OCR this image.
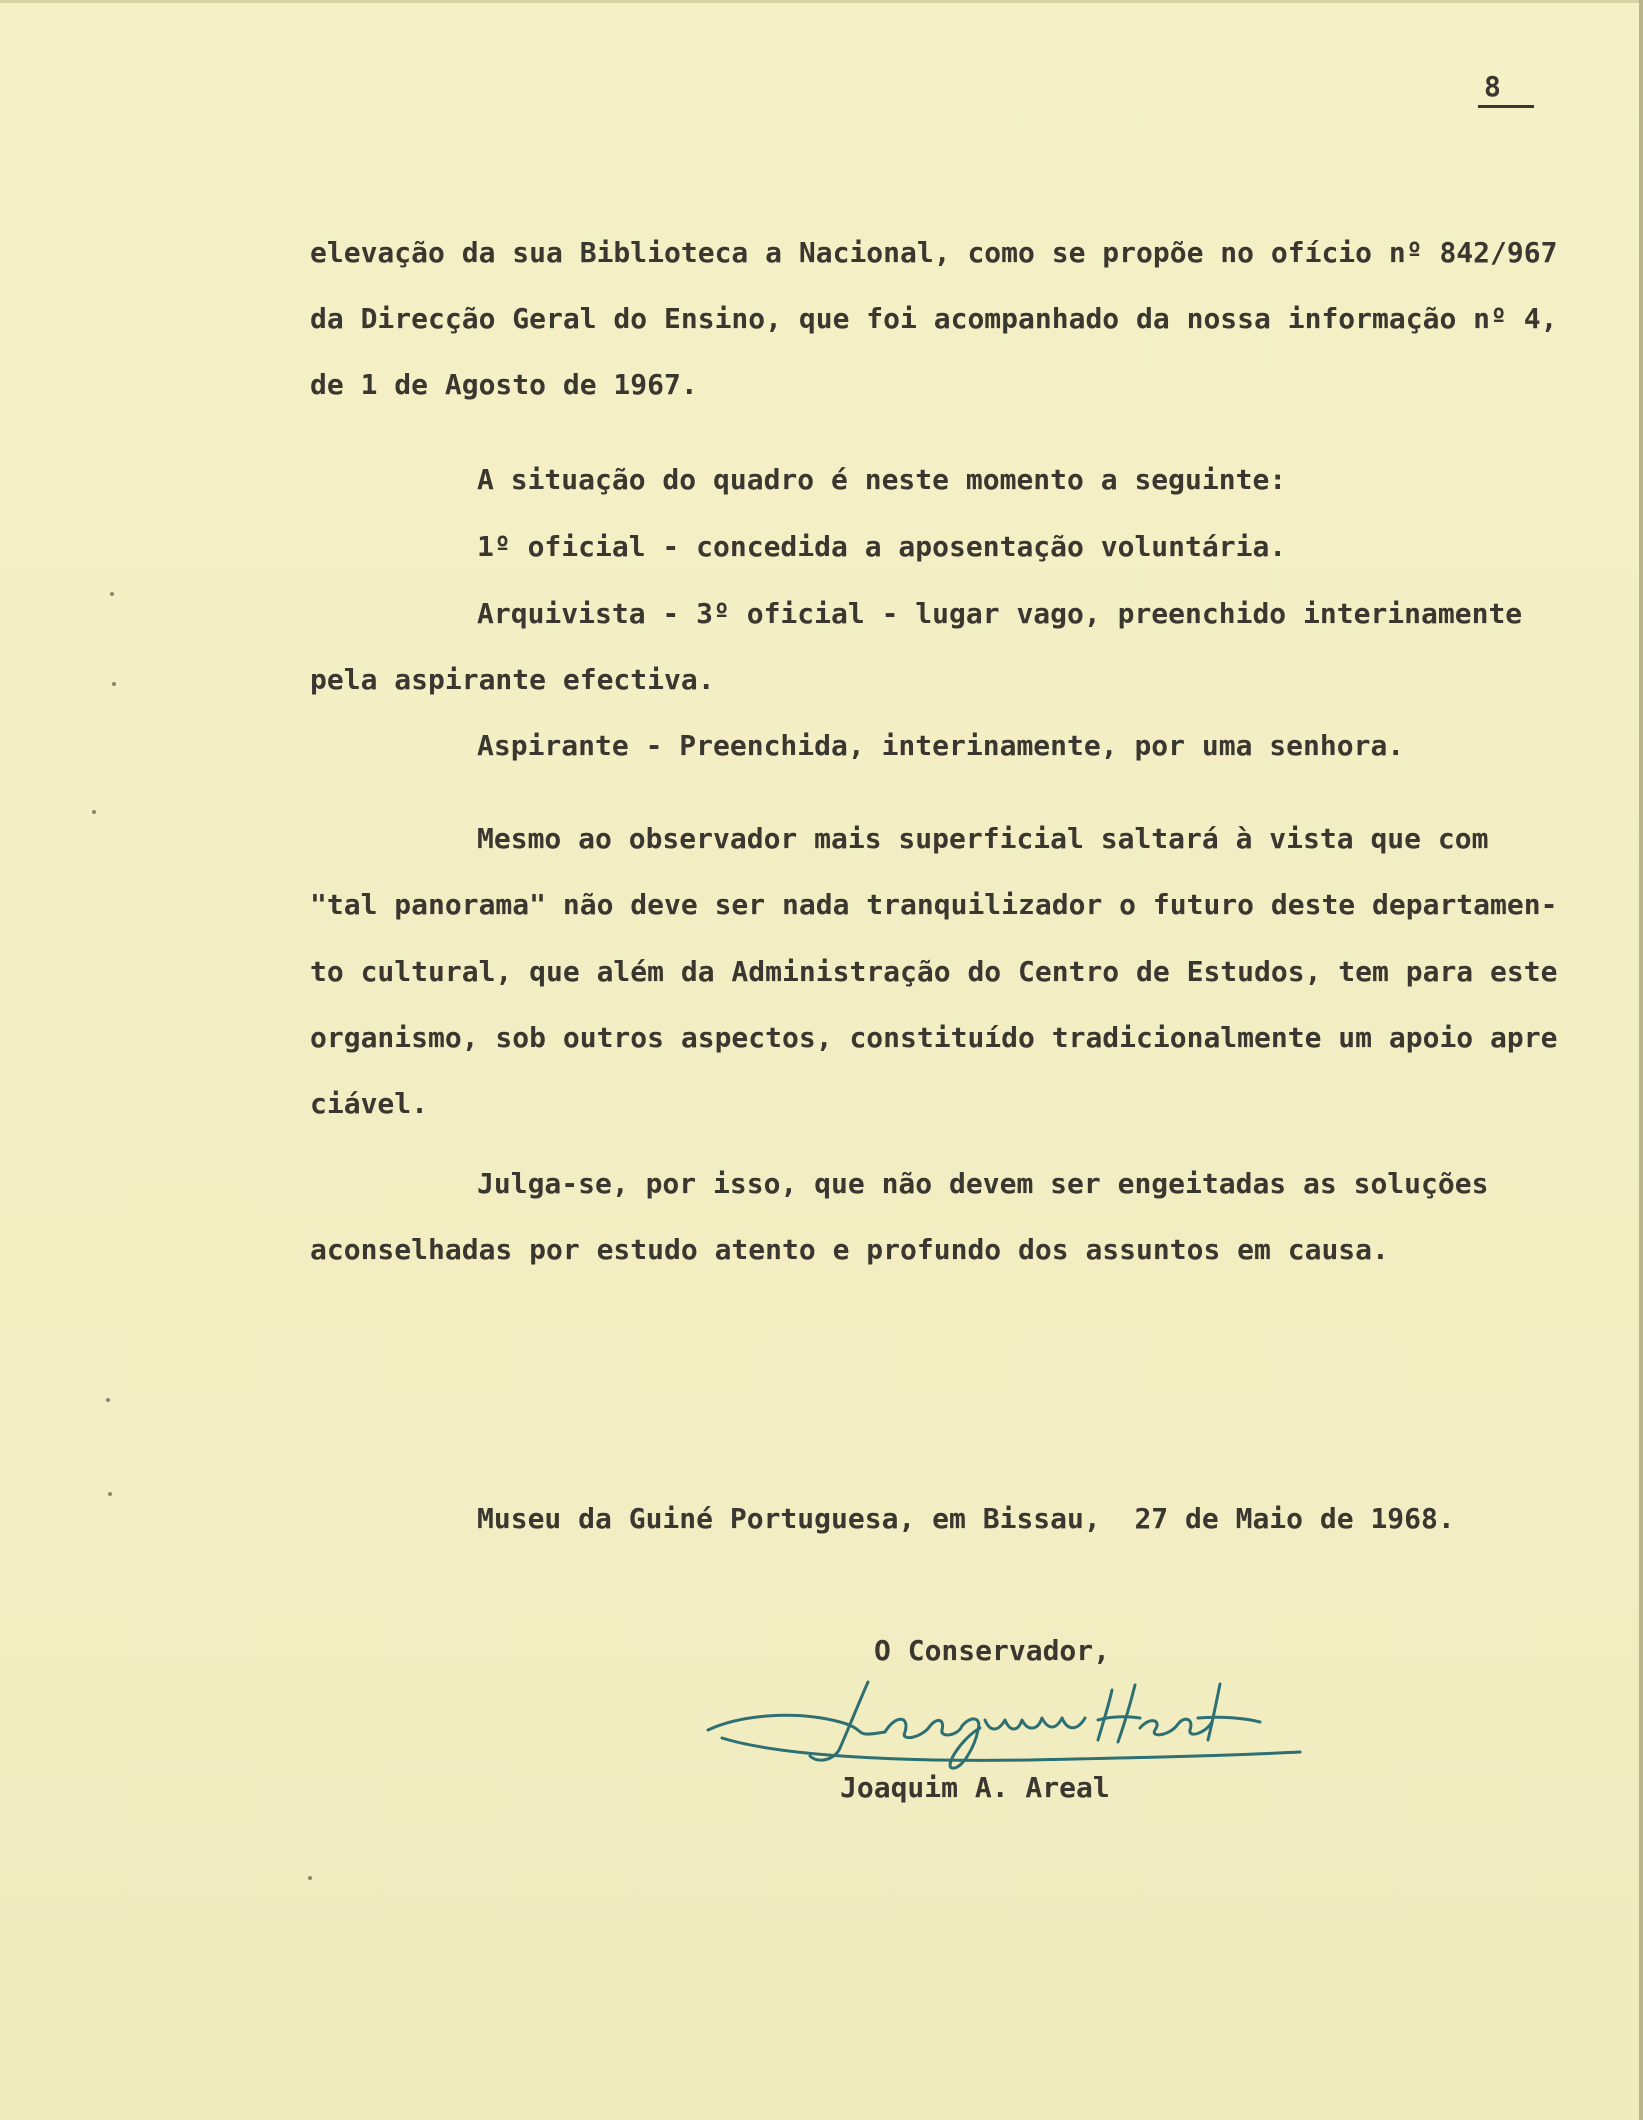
8

elevação da sua Biblioteca a Nacional, como se propõe no ofício nº 842/967

da Direcção Geral do Ensino, que foi acompanhado da nossa informação nº 4,

de 1 de Agosto de 1967.

A situação do quadro é neste momento a seguinte:

1º oficial - concedida a aposentação voluntária.

Arquivista - 3º oficial - lugar vago, preenchido interinamente

pela aspirante efectiva.

Aspirante - Preenchida, interinamente, por uma senhora.

Mesmo ao observador mais superficial saltará à vista que com

"tal panorama" não deve ser nada tranquilizador o futuro deste departamen-

to cultural, que além da Administração do Centro de Estudos, tem para este

organismo, sob outros aspectos, constituído tradicionalmente um apoio apre

ciável.

Julga-se, por isso, que não devem ser engeitadas as soluções

aconselhadas por estudo atento e profundo dos assuntos em causa.

Museu da Guiné Portuguesa, em Bissau,  27 de Maio de 1968.

O Conservador,

Joaquim A. Areal
